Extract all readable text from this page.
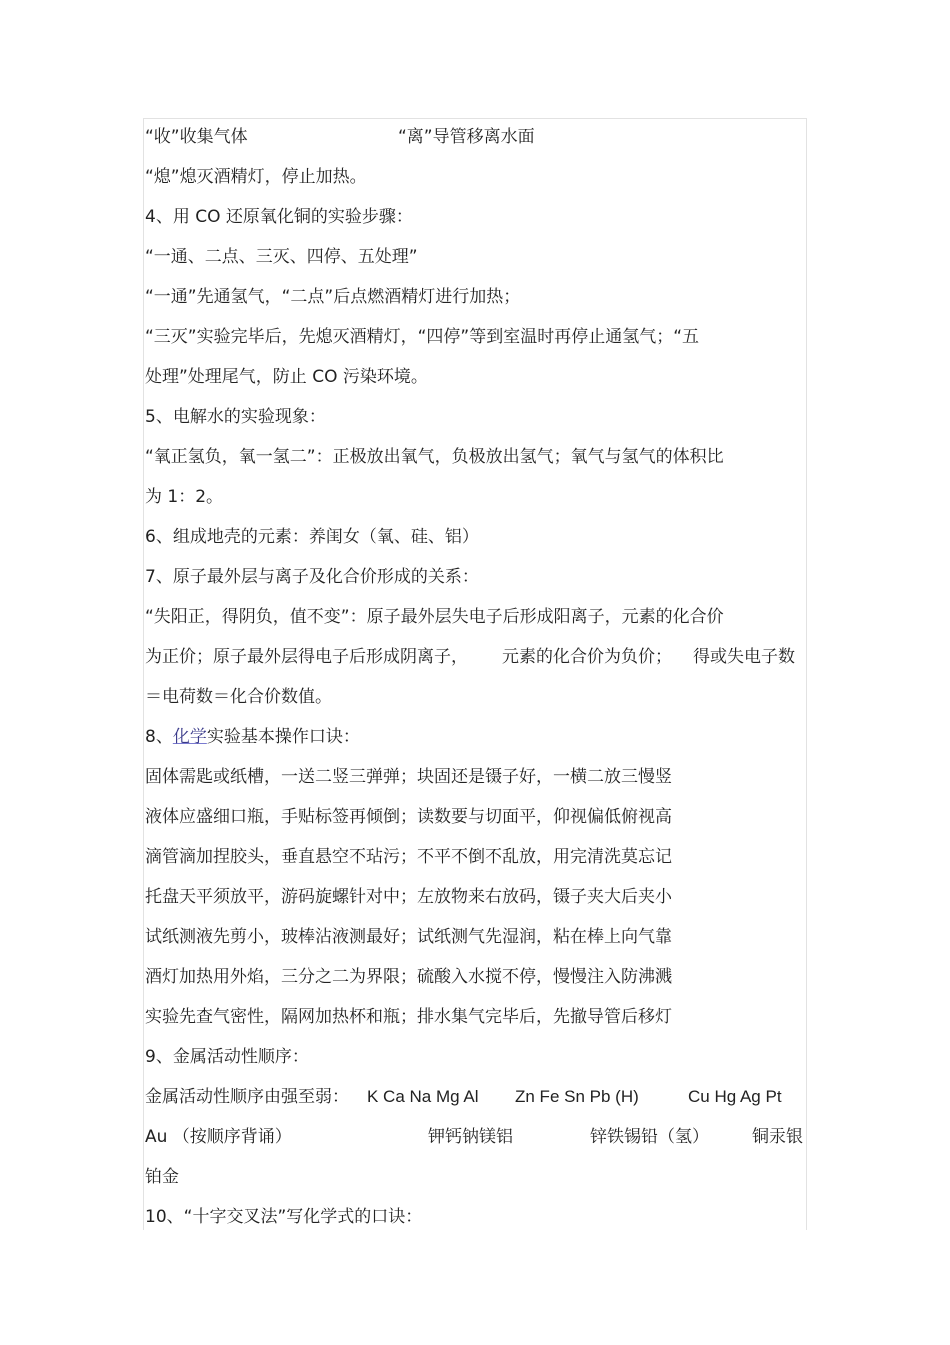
“收”收集气体	“离”导管移离水面
“熄”熄灭酒精灯，停止加热。
4、用 CO 还原氧化铜的实验步骤：
“一通、二点、三灭、四停、五处理”
“一通”先通氢气，“二点”后点燃酒精灯进行加热；
“三灭”实验完毕后，先熄灭酒精灯，“四停”等到室温时再停止通氢气；“五
处理”处理尾气，防止 CO 污染环境。
5、电解水的实验现象：
“氧正氢负，氧一氢二”：正极放出氧气，负极放出氢气；氧气与氢气的体积比
为 1：2。
6、组成地壳的元素：养闺女（氧、硅、铝）
7、原子最外层与离子及化合价形成的关系：
“失阳正，得阴负，值不变”：原子最外层失电子后形成阳离子，元素的化合价
为正价；原子最外层得电子后形成阴离子， 元素的化合价为负价； 得或失电子数
＝电荷数＝化合价数值。
8、化学实验基本操作口诀：
固体需匙或纸槽，一送二竖三弹弹；块固还是镊子好，一横二放三慢竖
液体应盛细口瓶，手贴标签再倾倒；读数要与切面平，仰视偏低俯视高
滴管滴加捏胶头，垂直悬空不玷污；不平不倒不乱放，用完清洗莫忘记
托盘天平须放平，游码旋螺针对中；左放物来右放码，镊子夹大后夹小
试纸测液先剪小，玻棒沾液测最好；试纸测气先湿润，粘在棒上向气靠
酒灯加热用外焰，三分之二为界限；硫酸入水搅不停，慢慢注入防沸溅
实验先查气密性，隔网加热杯和瓶；排水集气完毕后，先撤导管后移灯
9、金属活动性顺序：
金属活动性顺序由强至弱： K Ca Na Mg Al Zn Fe Sn Pb (H)	Cu Hg Ag Pt
Au （按顺序背诵）	钾钙钠镁铝	锌铁锡铅（氢）	铜汞银
铂金
10、“十字交叉法”写化学式的口诀：
